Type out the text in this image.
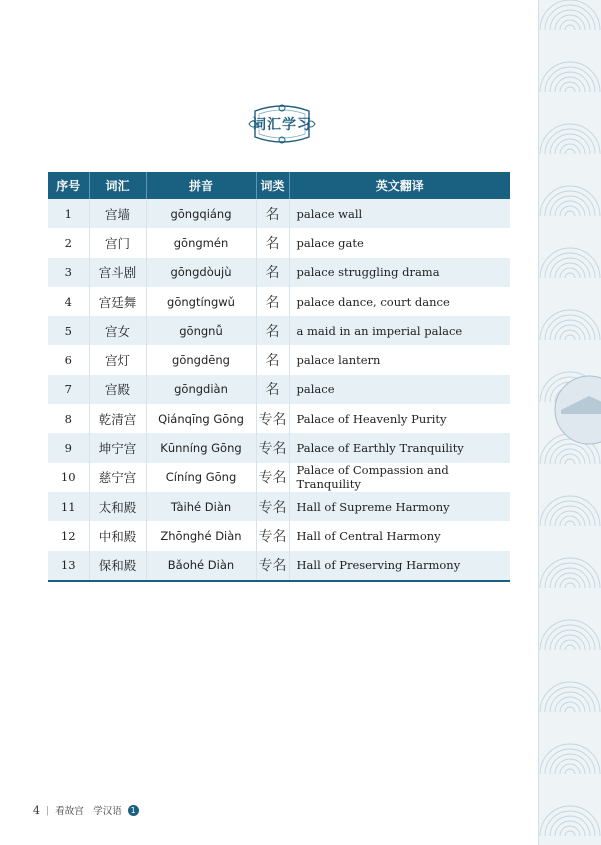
词汇学习
序号	词汇	拼音	词类	英文翻译
1	宫墙	gōngqiáng	名	palace wall
2	宫门	gōngmén	名	palace gate
3	宫斗剧	gōngdòujù	名	palace struggling drama
4	宫廷舞	gōngtíngwǔ	名	palace dance, court dance
5	宫女	gōngnǚ	名	a maid in an imperial palace
6	宫灯	gōngdēng	名	palace lantern
7	宫殿	gōngdiàn	名	palace
8	乾清宫	Qiánqīng Gōng	专名	Palace of Heavenly Purity
9	坤宁宫	Kūnníng Gōng	专名	Palace of Earthly Tranquility
10	慈宁宫	Cíníng Gōng	专名	Palace of Compassion and Tranquility
11	太和殿	Tàihé Diàn	专名	Hall of Supreme Harmony
12	中和殿	Zhōnghé Diàn	专名	Hall of Central Harmony
13	保和殿	Bǎohé Diàn	专名	Hall of Preserving Harmony
4 | 看故宫　学汉语	1
